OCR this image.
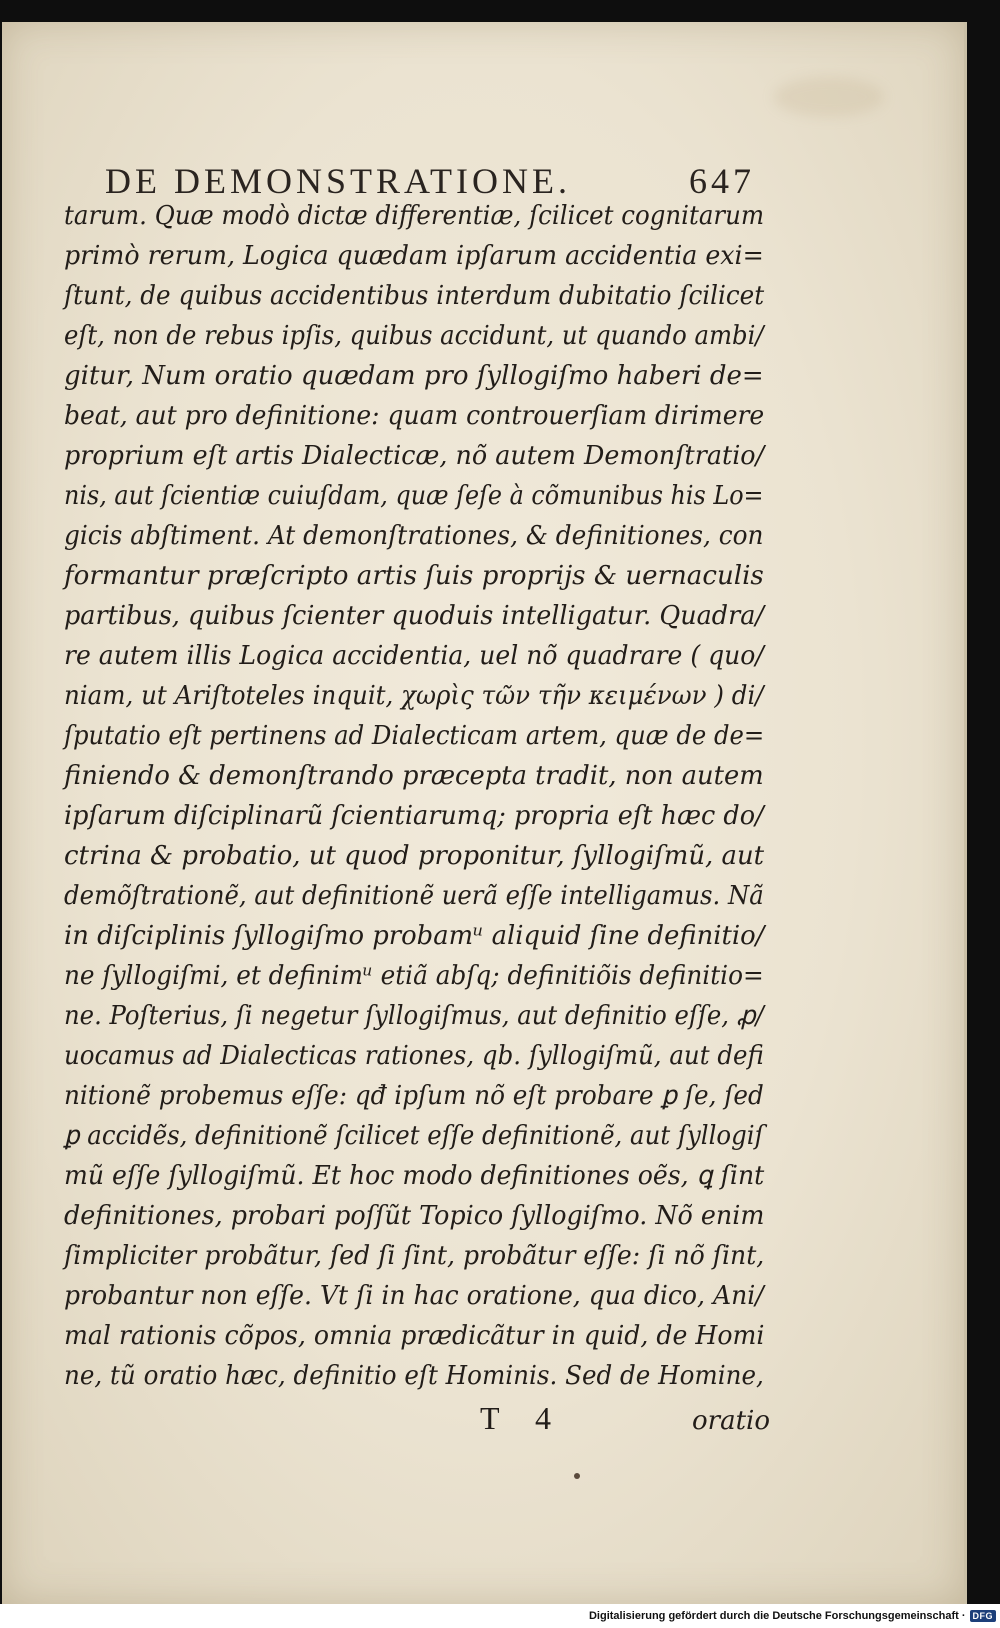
DE DEMONSTRATIONE.	647
tarum. Quæ modò dictæ differentiæ, ſcilicet cognitarum
primò rerum, Logica quædam ipſarum accidentia exi=
ſtunt, de quibus accidentibus interdum dubitatio ſcilicet
eſt, non de rebus ipſis, quibus accidunt, ut quando ambi/
gitur, Num oratio quædam pro ſyllogiſmo haberi de=
beat, aut pro definitione: quam controuerſiam dirimere
proprium eſt artis Dialecticæ, nõ autem Demonſtratio/
nis, aut ſcientiæ cuiuſdam, quæ ſeſe à cõmunibus his Lo=
gicis abſtiment. At demonſtrationes, & definitiones, con
formantur præſcripto artis ſuis proprijs & uernaculis
partibus, quibus ſcienter quoduis intelligatur. Quadra/
re autem illis Logica accidentia, uel nõ quadrare ( quo/
niam, ut Ariſtoteles inquit, χωρὶς τῶν τῆν κειμένων ) di/
ſputatio eſt pertinens ad Dialecticam artem, quæ de de=
finiendo & demonſtrando præcepta tradit, non autem
ipſarum diſciplinarũ ſcientiarumq; propria eſt hæc do/
ctrina & probatio, ut quod proponitur, ſyllogiſmũ, aut
demõſtrationẽ, aut definitionẽ uerã eſſe intelligamus. Nã
in diſciplinis ſyllogiſmo probamᵘ aliquid ſine definitio/
ne ſyllogiſmi, et definimᵘ etiã abſq; definitiõis definitio=
ne. Poſterius, ſi negetur ſyllogiſmus, aut definitio eſſe, ꝓ/
uocamus ad Dialecticas rationes, qb. ſyllogiſmũ, aut defi
nitionẽ probemus eſſe: qđ ipſum nõ eſt probare ꝑ ſe, ſed
ꝑ accidẽs, definitionẽ ſcilicet eſſe definitionẽ, aut ſyllogiſ
mũ eſſe ſyllogiſmũ. Et hoc modo definitiones oẽs, ꝗ ſint
definitiones, probari poſſũt Topico ſyllogiſmo. Nõ enim
ſimpliciter probãtur, ſed ſi ſint, probãtur eſſe: ſi nõ ſint,
probantur non eſſe. Vt ſi in hac oratione, qua dico, Ani/
mal rationis cõpos, omnia prædicãtur in quid, de Homi
ne, tũ oratio hæc, definitio eſt Hominis. Sed de Homine,
T 4	oratio
Digitalisierung gefördert durch die Deutsche Forschungsgemeinschaft · DFG
